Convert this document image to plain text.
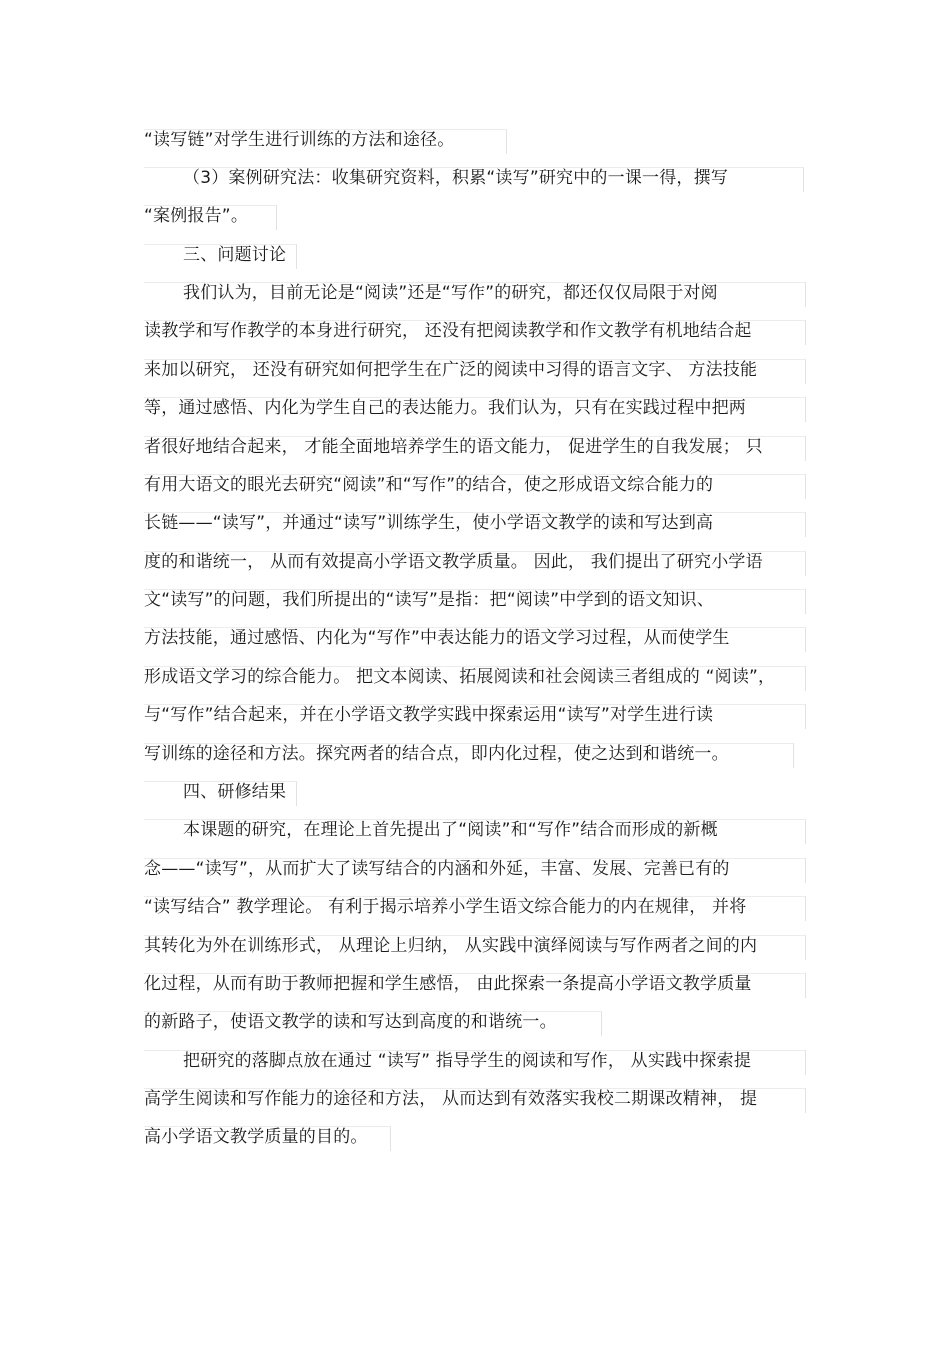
“读写链”对学生进行训练的方法和途径。
（3）案例研究法：收集研究资料，积累“读写”研究中的一课一得，撰写
“案例报告”。
三、问题讨论
我们认为，目前无论是“阅读”还是“写作”的研究，都还仅仅局限于对阅
读教学和写作教学的本身进行研究， 还没有把阅读教学和作文教学有机地结合起
来加以研究， 还没有研究如何把学生在广泛的阅读中习得的语言文字、 方法技能
等，通过感悟、内化为学生自己的表达能力。我们认为，只有在实践过程中把两
者很好地结合起来， 才能全面地培养学生的语文能力， 促进学生的自我发展； 只
有用大语文的眼光去研究“阅读”和“写作”的结合，使之形成语文综合能力的
长链——“读写”，并通过“读写”训练学生，使小学语文教学的读和写达到高
度的和谐统一， 从而有效提高小学语文教学质量。 因此， 我们提出了研究小学语
文“读写”的问题，我们所提出的“读写”是指：把“阅读”中学到的语文知识、
方法技能，通过感悟、内化为“写作”中表达能力的语文学习过程，从而使学生
形成语文学习的综合能力。 把文本阅读、拓展阅读和社会阅读三者组成的 “阅读”，
与“写作”结合起来，并在小学语文教学实践中探索运用“读写”对学生进行读
写训练的途径和方法。探究两者的结合点，即内化过程，使之达到和谐统一。
四、研修结果
本课题的研究，在理论上首先提出了“阅读”和“写作”结合而形成的新概
念——“读写”，从而扩大了读写结合的内涵和外延，丰富、发展、完善已有的
“读写结合” 教学理论。 有利于揭示培养小学生语文综合能力的内在规律， 并将
其转化为外在训练形式， 从理论上归纳， 从实践中演绎阅读与写作两者之间的内
化过程，从而有助于教师把握和学生感悟， 由此探索一条提高小学语文教学质量
的新路子，使语文教学的读和写达到高度的和谐统一。
把研究的落脚点放在通过 “读写” 指导学生的阅读和写作， 从实践中探索提
高学生阅读和写作能力的途径和方法， 从而达到有效落实我校二期课改精神， 提
高小学语文教学质量的目的。
